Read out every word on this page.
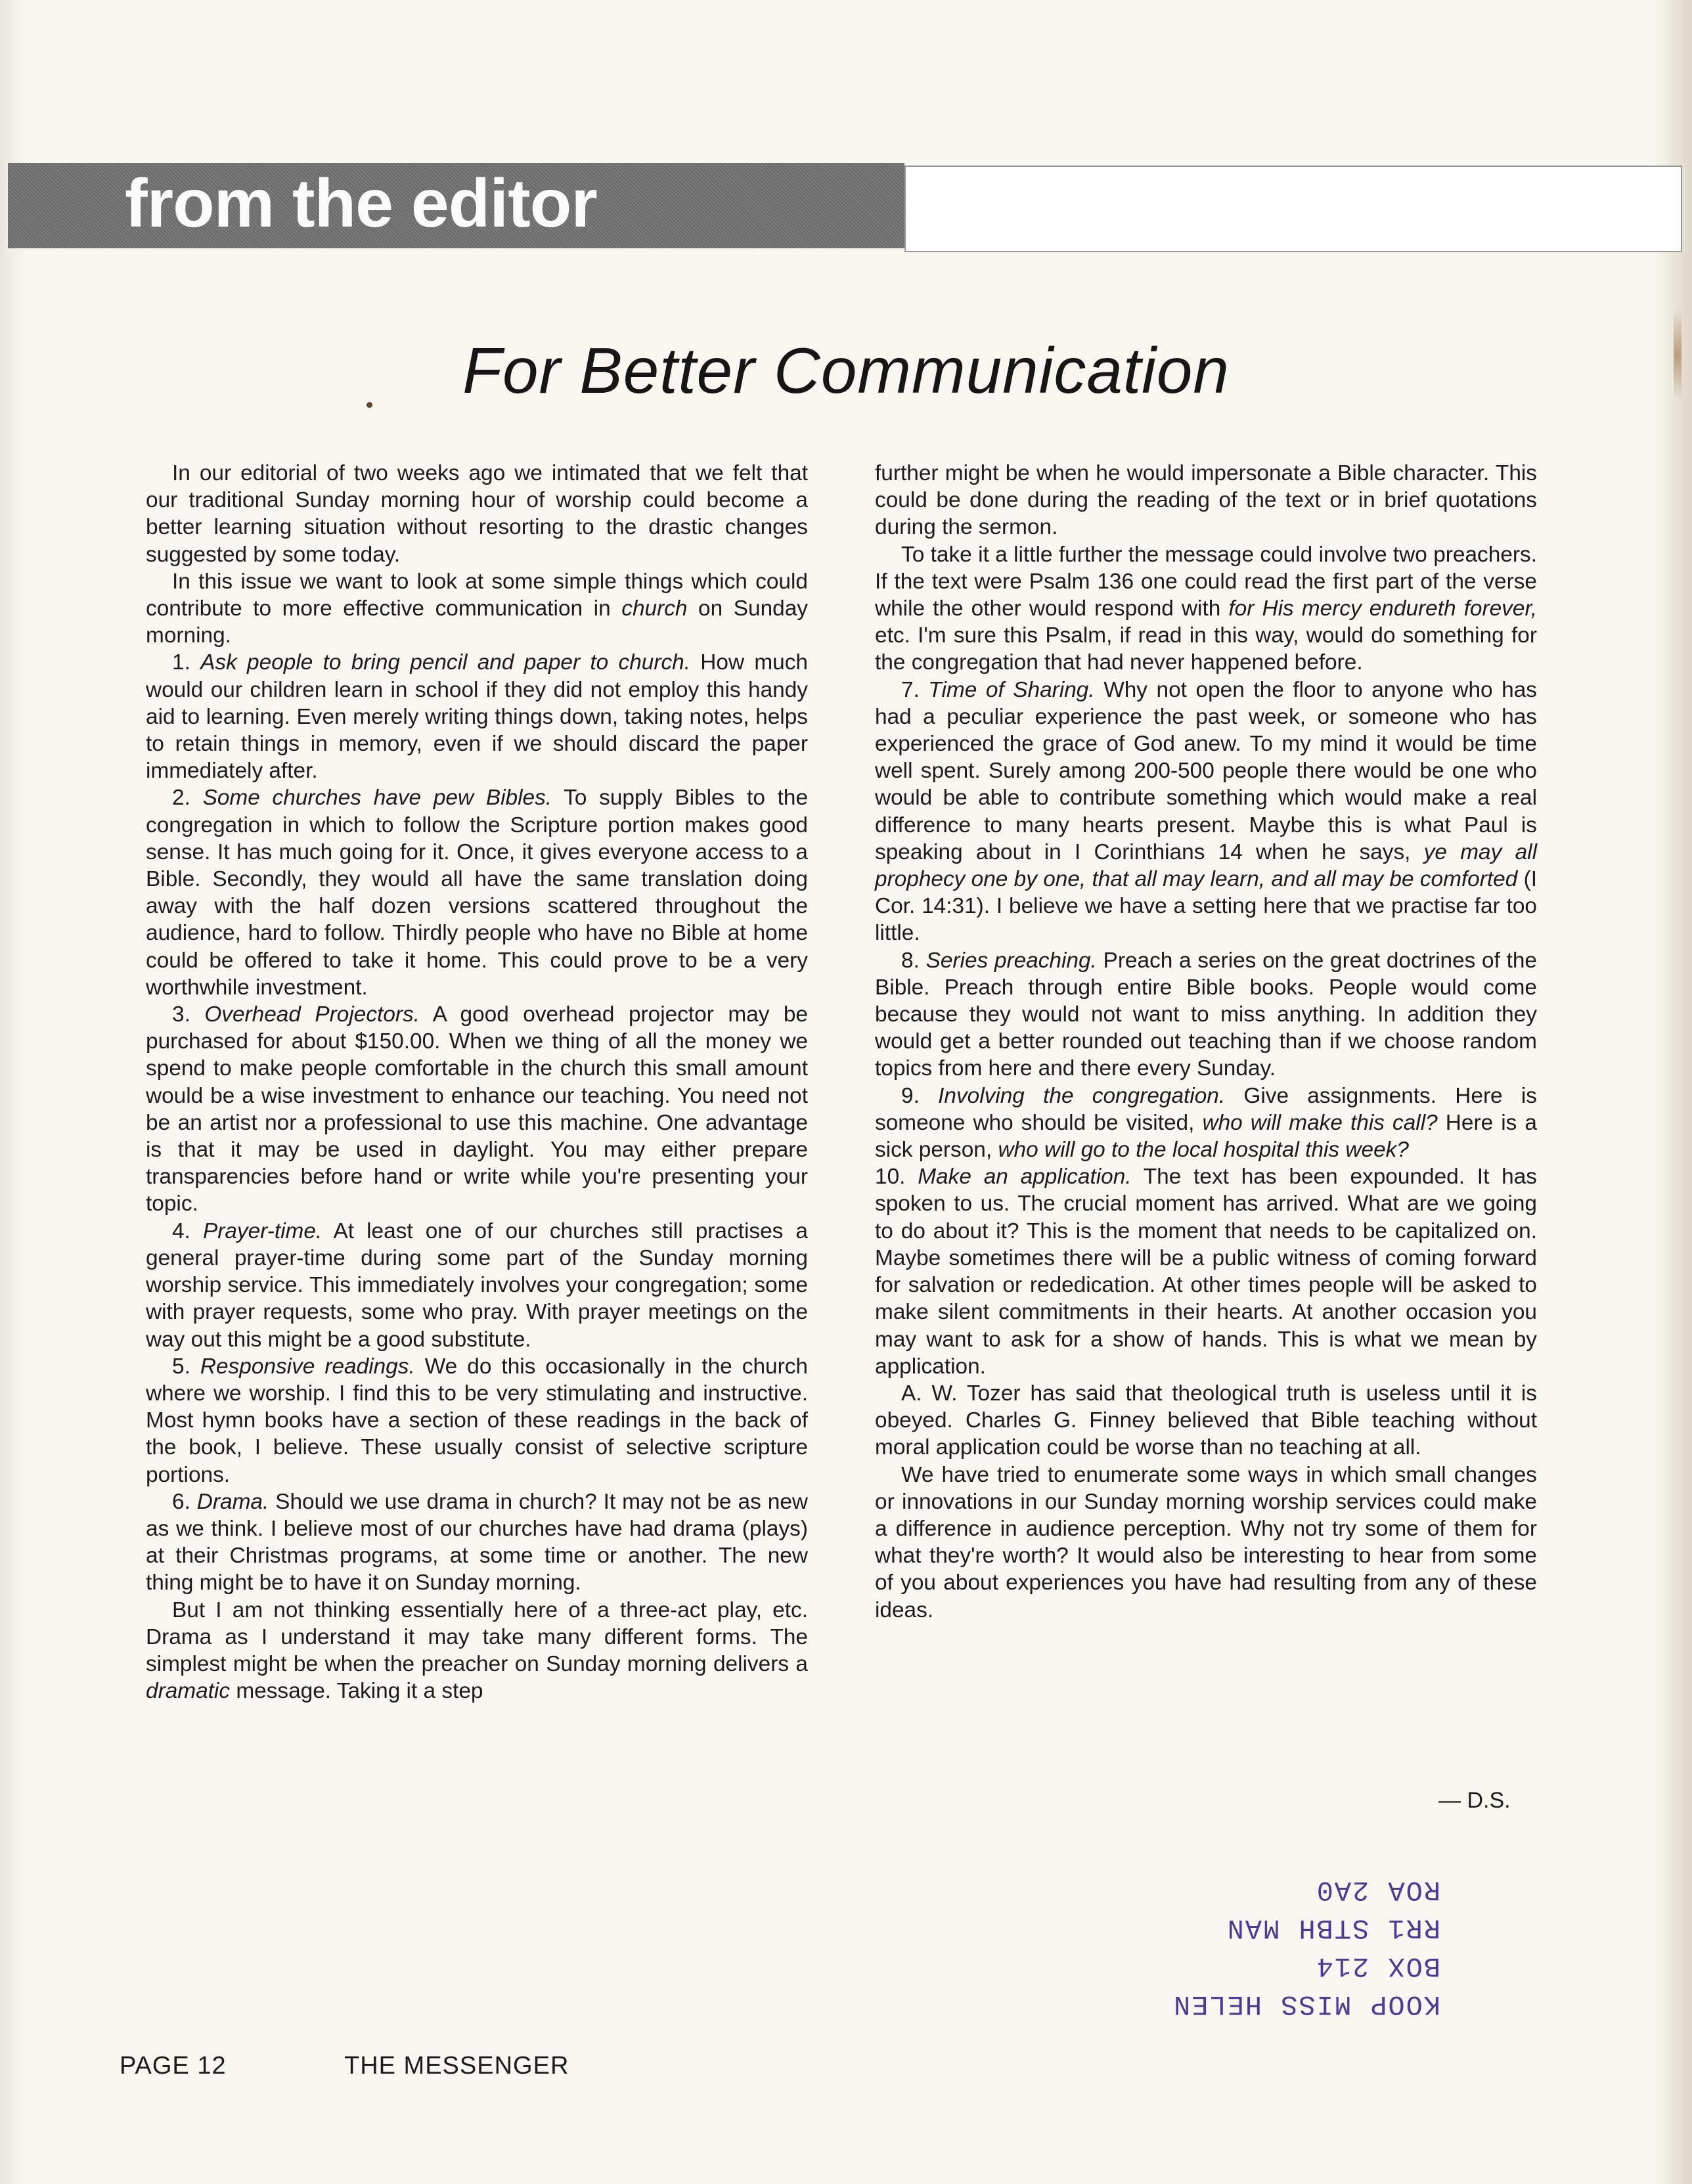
from the editor
For Better Communication

In our editorial of two weeks ago we intimated that we felt that our traditional Sunday morning hour of worship could become a better learning situation without resorting to the drastic changes suggested by some today.

In this issue we want to look at some simple things which could contribute to more effective communication in church on Sunday morning.

1. Ask people to bring pencil and paper to church. How much would our children learn in school if they did not employ this handy aid to learning. Even merely writing things down, taking notes, helps to retain things in memory, even if we should discard the paper immediately after.

2. Some churches have pew Bibles. To supply Bibles to the congregation in which to follow the Scripture portion makes good sense. It has much going for it. Once, it gives everyone access to a Bible. Secondly, they would all have the same translation doing away with the half dozen versions scattered throughout the audience, hard to follow. Thirdly people who have no Bible at home could be offered to take it home. This could prove to be a very worthwhile investment.

3. Overhead Projectors. A good overhead projector may be purchased for about $150.00. When we thing of all the money we spend to make people comfortable in the church this small amount would be a wise investment to enhance our teaching. You need not be an artist nor a professional to use this machine. One advantage is that it may be used in daylight. You may either prepare transparencies before hand or write while you're presenting your topic.

4. Prayer-time. At least one of our churches still practises a general prayer-time during some part of the Sunday morning worship service. This immediately involves your congregation; some with prayer requests, some who pray. With prayer meetings on the way out this might be a good substitute.

5. Responsive readings. We do this occasionally in the church where we worship. I find this to be very stimulating and instructive. Most hymn books have a section of these readings in the back of the book, I believe. These usually consist of selective scripture portions.

6. Drama. Should we use drama in church? It may not be as new as we think. I believe most of our churches have had drama (plays) at their Christmas programs, at some time or another. The new thing might be to have it on Sunday morning.

But I am not thinking essentially here of a three-act play, etc. Drama as I understand it may take many different forms. The simplest might be when the preacher on Sunday morning delivers a dramatic message. Taking it a step

further might be when he would impersonate a Bible character. This could be done during the reading of the text or in brief quotations during the sermon.

To take it a little further the message could involve two preachers. If the text were Psalm 136 one could read the first part of the verse while the other would respond with for His mercy endureth forever, etc. I'm sure this Psalm, if read in this way, would do something for the congregation that had never happened before.

7. Time of Sharing. Why not open the floor to anyone who has had a peculiar experience the past week, or someone who has experienced the grace of God anew. To my mind it would be time well spent. Surely among 200-500 people there would be one who would be able to contribute something which would make a real difference to many hearts present. Maybe this is what Paul is speaking about in I Corinthians 14 when he says, ye may all prophecy one by one, that all may learn, and all may be comforted (I Cor. 14:31). I believe we have a setting here that we practise far too little.

8. Series preaching. Preach a series on the great doctrines of the Bible. Preach through entire Bible books. People would come because they would not want to miss anything. In addition they would get a better rounded out teaching than if we choose random topics from here and there every Sunday.

9. Involving the congregation. Give assignments. Here is someone who should be visited, who will make this call? Here is a sick person, who will go to the local hospital this week?

10. Make an application. The text has been expounded. It has spoken to us. The crucial moment has arrived. What are we going to do about it? This is the moment that needs to be capitalized on. Maybe sometimes there will be a public witness of coming forward for salvation or rededication. At other times people will be asked to make silent commitments in their hearts. At another occasion you may want to ask for a show of hands. This is what we mean by application.

A. W. Tozer has said that theological truth is useless until it is obeyed. Charles G. Finney believed that Bible teaching without moral application could be worse than no teaching at all.

We have tried to enumerate some ways in which small changes or innovations in our Sunday morning worship services could make a difference in audience perception. Why not try some of them for what they're worth? It would also be interesting to hear from some of you about experiences you have had resulting from any of these ideas.

— D.S.
KOOP MISS HELEN
BOX 214
RR1 STBH MAN
ROA 2A0
PAGE 12	THE MESSENGER
